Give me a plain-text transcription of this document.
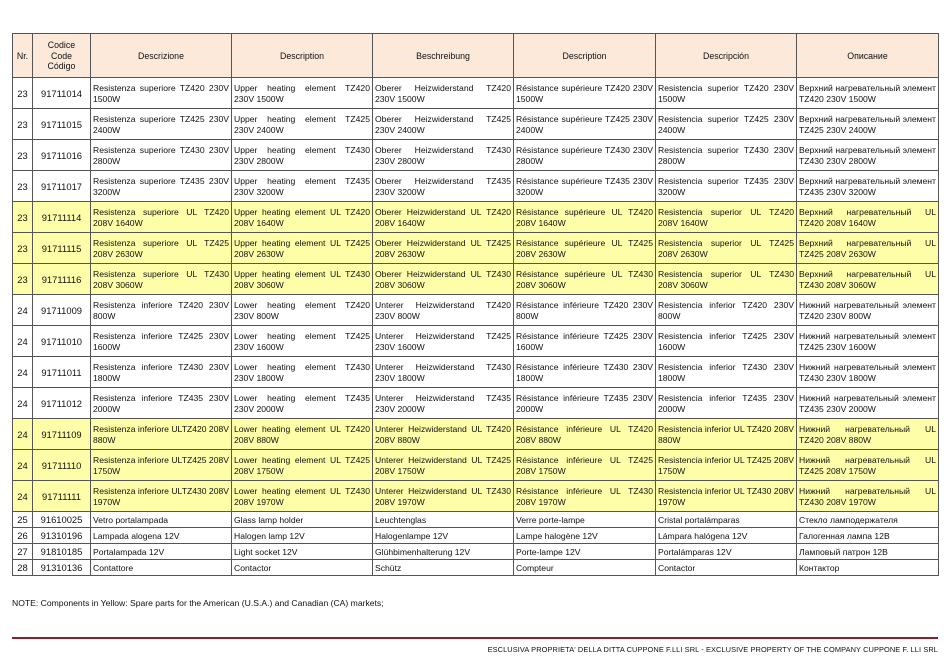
Nr.	Codice
Code
Código	Descrizione	Description	Beschreibung	Description	Descripción	Описание
23	91711014	Resistenza superiore TZ420 230V 1500W	Upper heating element TZ420 230V 1500W	Oberer Heizwiderstand TZ420 230V 1500W	Résistance supérieure TZ420 230V 1500W	Resistencia superior TZ420 230V 1500W	Верхний нагревательный элемент TZ420 230V 1500W
23	91711015	Resistenza superiore TZ425 230V 2400W	Upper heating element TZ425 230V 2400W	Oberer Heizwiderstand TZ425 230V 2400W	Résistance supérieure TZ425 230V 2400W	Resistencia superior TZ425 230V 2400W	Верхний нагревательный элемент TZ425 230V 2400W
23	91711016	Resistenza superiore TZ430 230V 2800W	Upper heating element TZ430 230V 2800W	Oberer Heizwiderstand TZ430 230V 2800W	Résistance supérieure TZ430 230V 2800W	Resistencia superior TZ430 230V 2800W	Верхний нагревательный элемент TZ430 230V 2800W
23	91711017	Resistenza superiore TZ435 230V 3200W	Upper heating element TZ435 230V 3200W	Oberer Heizwiderstand TZ435 230V 3200W	Résistance supérieure TZ435 230V 3200W	Resistencia superior TZ435 230V 3200W	Верхний нагревательный элемент TZ435 230V 3200W
23	91711114	Resistenza superiore UL TZ420 208V 1640W	Upper heating element UL TZ420 208V 1640W	Oberer Heizwiderstand UL TZ420 208V 1640W	Résistance supérieure UL TZ420 208V 1640W	Resistencia superior UL TZ420 208V 1640W	Верхний нагревательный UL TZ420 208V 1640W
23	91711115	Resistenza superiore UL TZ425 208V 2630W	Upper heating element UL TZ425 208V 2630W	Oberer Heizwiderstand UL TZ425 208V 2630W	Résistance supérieure UL TZ425 208V 2630W	Resistencia superior UL TZ425 208V 2630W	Верхний нагревательный UL TZ425 208V 2630W
23	91711116	Resistenza superiore UL TZ430 208V 3060W	Upper heating element UL TZ430 208V 3060W	Oberer Heizwiderstand UL TZ430 208V 3060W	Résistance supérieure UL TZ430 208V 3060W	Resistencia superior UL TZ430 208V 3060W	Верхний нагревательный UL TZ430 208V 3060W
24	91711009	Resistenza inferiore TZ420 230V 800W	Lower heating element TZ420 230V 800W	Unterer Heizwiderstand TZ420 230V 800W	Résistance inférieure TZ420 230V 800W	Resistencia inferior TZ420 230V 800W	Нижний нагревательный элемент TZ420 230V 800W
24	91711010	Resistenza inferiore TZ425 230V 1600W	Lower heating element TZ425 230V 1600W	Unterer Heizwiderstand TZ425 230V 1600W	Résistance inférieure TZ425 230V 1600W	Resistencia inferior TZ425 230V 1600W	Нижний нагревательный элемент TZ425 230V 1600W
24	91711011	Resistenza inferiore TZ430 230V 1800W	Lower heating element TZ430 230V 1800W	Unterer Heizwiderstand TZ430 230V 1800W	Résistance inférieure TZ430 230V 1800W	Resistencia inferior TZ430 230V 1800W	Нижний нагревательный элемент TZ430 230V 1800W
24	91711012	Resistenza inferiore TZ435 230V 2000W	Lower heating element TZ435 230V 2000W	Unterer Heizwiderstand TZ435 230V 2000W	Résistance inférieure TZ435 230V 2000W	Resistencia inferior TZ435 230V 2000W	Нижний нагревательный элемент TZ435 230V 2000W
24	91711109	Resistenza inferiore ULTZ420 208V 880W	Lower heating element UL TZ420 208V 880W	Unterer Heizwiderstand UL TZ420 208V 880W	Résistance inférieure UL TZ420 208V 880W	Resistencia inferior UL TZ420 208V 880W	Нижний нагревательный UL TZ420 208V 880W
24	91711110	Resistenza inferiore ULTZ425 208V 1750W	Lower heating element UL TZ425 208V 1750W	Unterer Heizwiderstand UL TZ425 208V 1750W	Résistance inférieure UL TZ425 208V 1750W	Resistencia inferior UL TZ425 208V 1750W	Нижний нагревательный UL TZ425 208V 1750W
24	91711111	Resistenza inferiore ULTZ430 208V 1970W	Lower heating element UL TZ430 208V 1970W	Unterer Heizwiderstand UL TZ430 208V 1970W	Résistance inférieure UL TZ430 208V 1970W	Resistencia inferior UL TZ430 208V 1970W	Нижний нагревательный UL TZ430 208V 1970W
25	91610025	Vetro portalampada	Glass lamp holder	Leuchtenglas	Verre porte-lampe	Cristal portalámparas	Стекло ламподержателя
26	91310196	Lampada alogena 12V	Halogen lamp 12V	Halogenlampe 12V	Lampe halogène 12V	Lámpara halógena 12V	Галогенная лампа 12В
27	91810185	Portalampada 12V	Light socket 12V	Glühbimenhalterung 12V	Porte-lampe 12V	Portalámparas 12V	Ламповый патрон 12В
28	91310136	Contattore	Contactor	Schütz	Compteur	Contactor	Контактор
NOTE: Components in Yellow: Spare parts for the American (U.S.A.) and Canadian (CA) markets;
ESCLUSIVA PROPRIETA' DELLA DITTA CUPPONE F.LLI SRL - EXCLUSIVE PROPERTY OF THE COMPANY CUPPONE F. LLI SRL
